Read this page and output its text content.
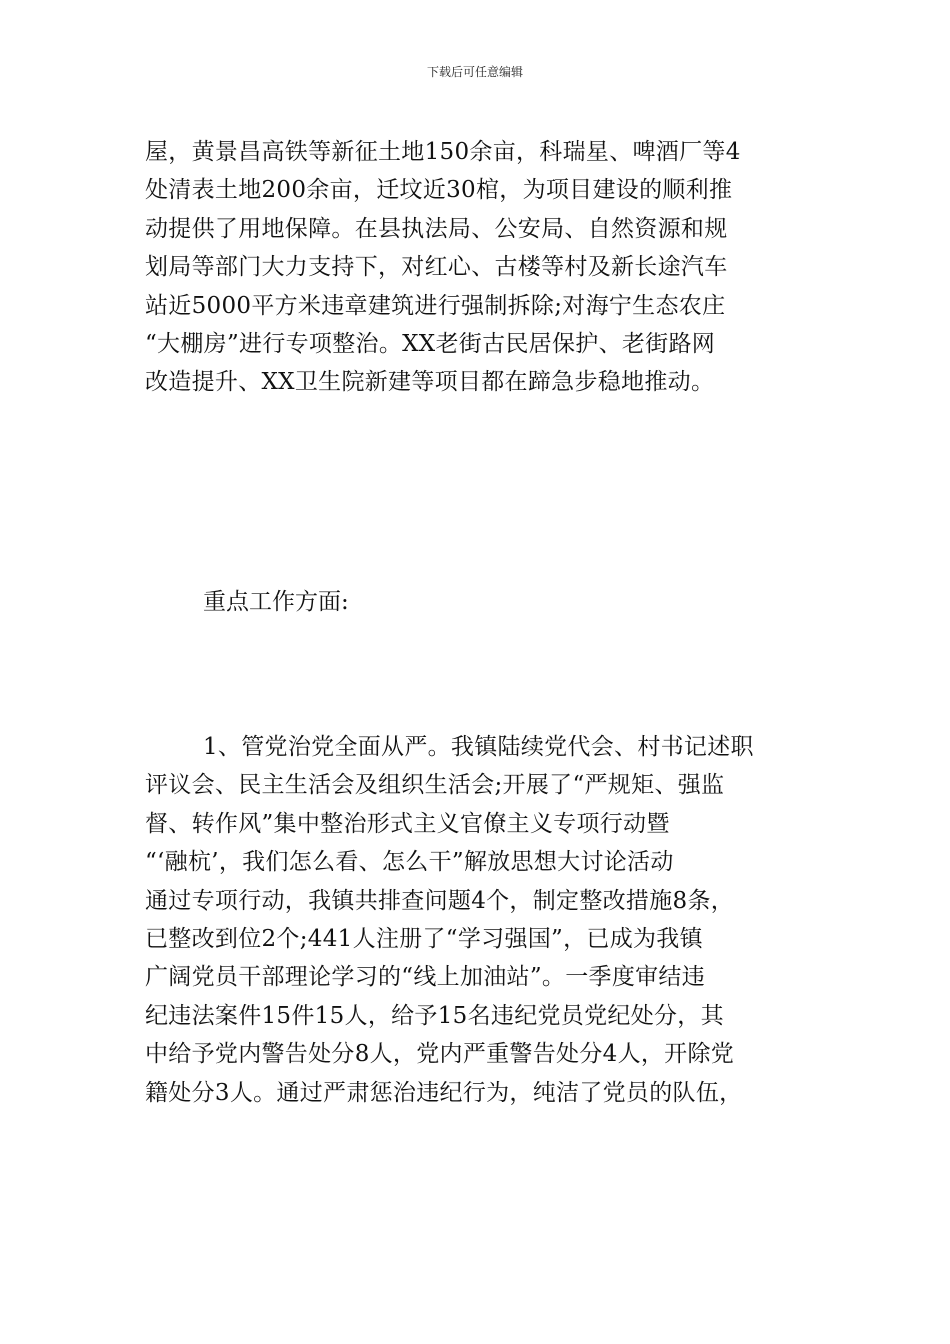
下载后可任意编辑
屋，黄景昌高铁等新征土地150余亩，科瑞星、啤酒厂等4
处清表土地200余亩，迁坟近30棺，为项目建设的顺利推
动提供了用地保障。在县执法局、公安局、自然资源和规
划局等部门大力支持下，对红心、古楼等村及新长途汽车
站近5000平方米违章建筑进行强制拆除;对海宁生态农庄
“大棚房”进行专项整治。XX老街古民居保护、老街路网
改造提升、XX卫生院新建等项目都在蹄急步稳地推动。
重点工作方面:
1、管党治党全面从严。我镇陆续党代会、村书记述职
评议会、民主生活会及组织生活会;开展了“严规矩、强监
督、转作风”集中整治形式主义官僚主义专项行动暨
“‘融杭’，我们怎么看、怎么干”解放思想大讨论活动
通过专项行动，我镇共排查问题4个，制定整改措施8条，
已整改到位2个;441人注册了“学习强国”，已成为我镇
广阔党员干部理论学习的“线上加油站”。一季度审结违
纪违法案件15件15人，给予15名违纪党员党纪处分，其
中给予党内警告处分8人，党内严重警告处分4人，开除党
籍处分3人。通过严肃惩治违纪行为，纯洁了党员的队伍，
